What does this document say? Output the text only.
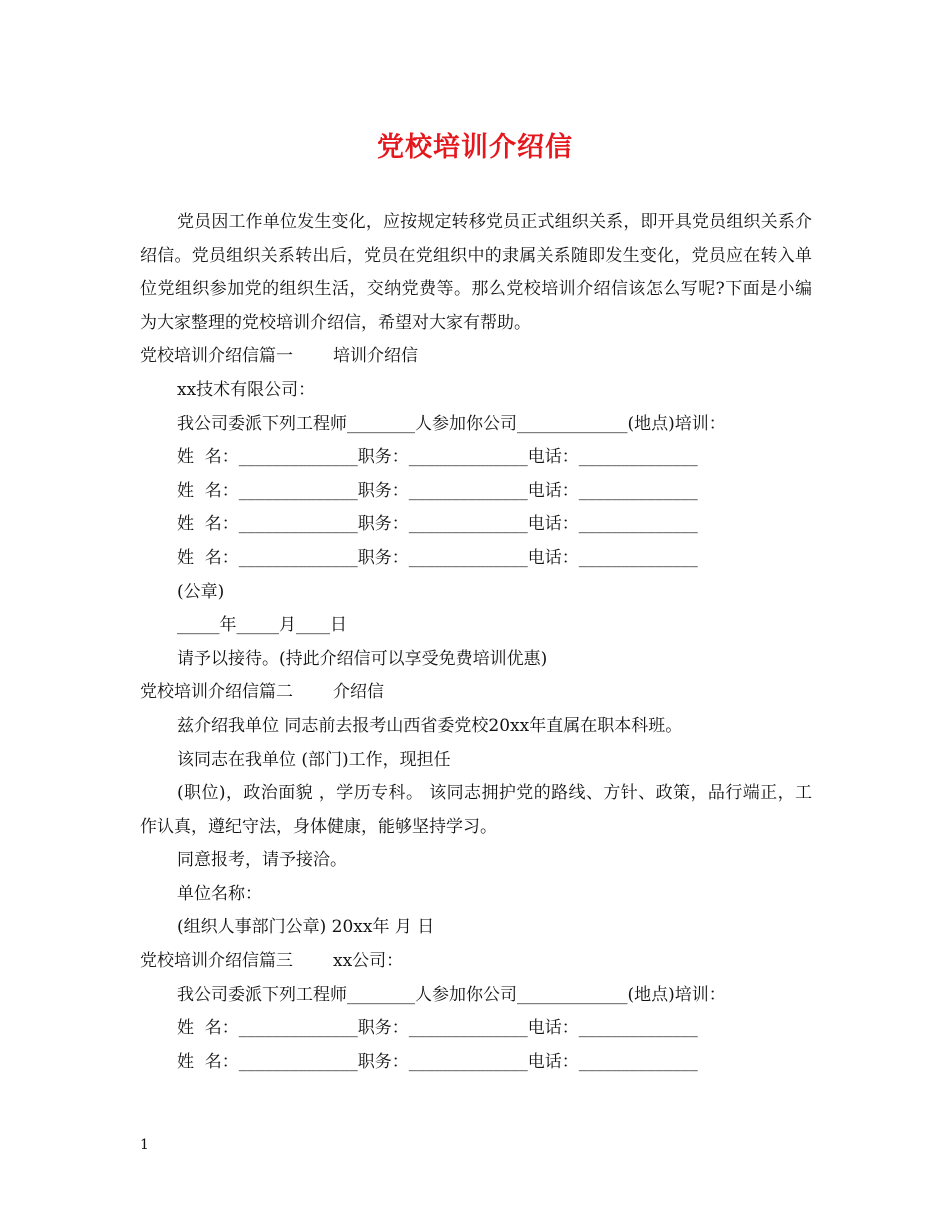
党校培训介绍信

党员因工作单位发生变化，应按规定转移党员正式组织关系，即开具党员组织关系介绍信。党员组织关系转出后，党员在党组织中的隶属关系随即发生变化，党员应在转入单位党组织参加党的组织生活，交纳党费等。那么党校培训介绍信该怎么写呢?下面是小编为大家整理的党校培训介绍信，希望对大家有帮助。

党校培训介绍信篇一 培训介绍信

xx技术有限公司：

我公司委派下列工程师________人参加你公司_____________(地点)培训：

姓  名：______________职务：______________电话：______________

姓  名：______________职务：______________电话：______________

姓  名：______________职务：______________电话：______________

姓  名：______________职务：______________电话：______________

(公章)

_____年_____月____日

请予以接待。(持此介绍信可以享受免费培训优惠)

党校培训介绍信篇二 介绍信

兹介绍我单位 同志前去报考山西省委党校20xx年直属在职本科班。

该同志在我单位 (部门)工作，现担任

(职位)，政治面貌 ，学历专科。 该同志拥护党的路线、方针、政策，品行端正，工作认真，遵纪守法，身体健康，能够坚持学习。

同意报考，请予接洽。

单位名称：

(组织人事部门公章) 20xx年 月 日

党校培训介绍信篇三 xx公司：

我公司委派下列工程师________人参加你公司_____________(地点)培训：

姓  名：______________职务：______________电话：______________

姓  名：______________职务：______________电话：______________

1
